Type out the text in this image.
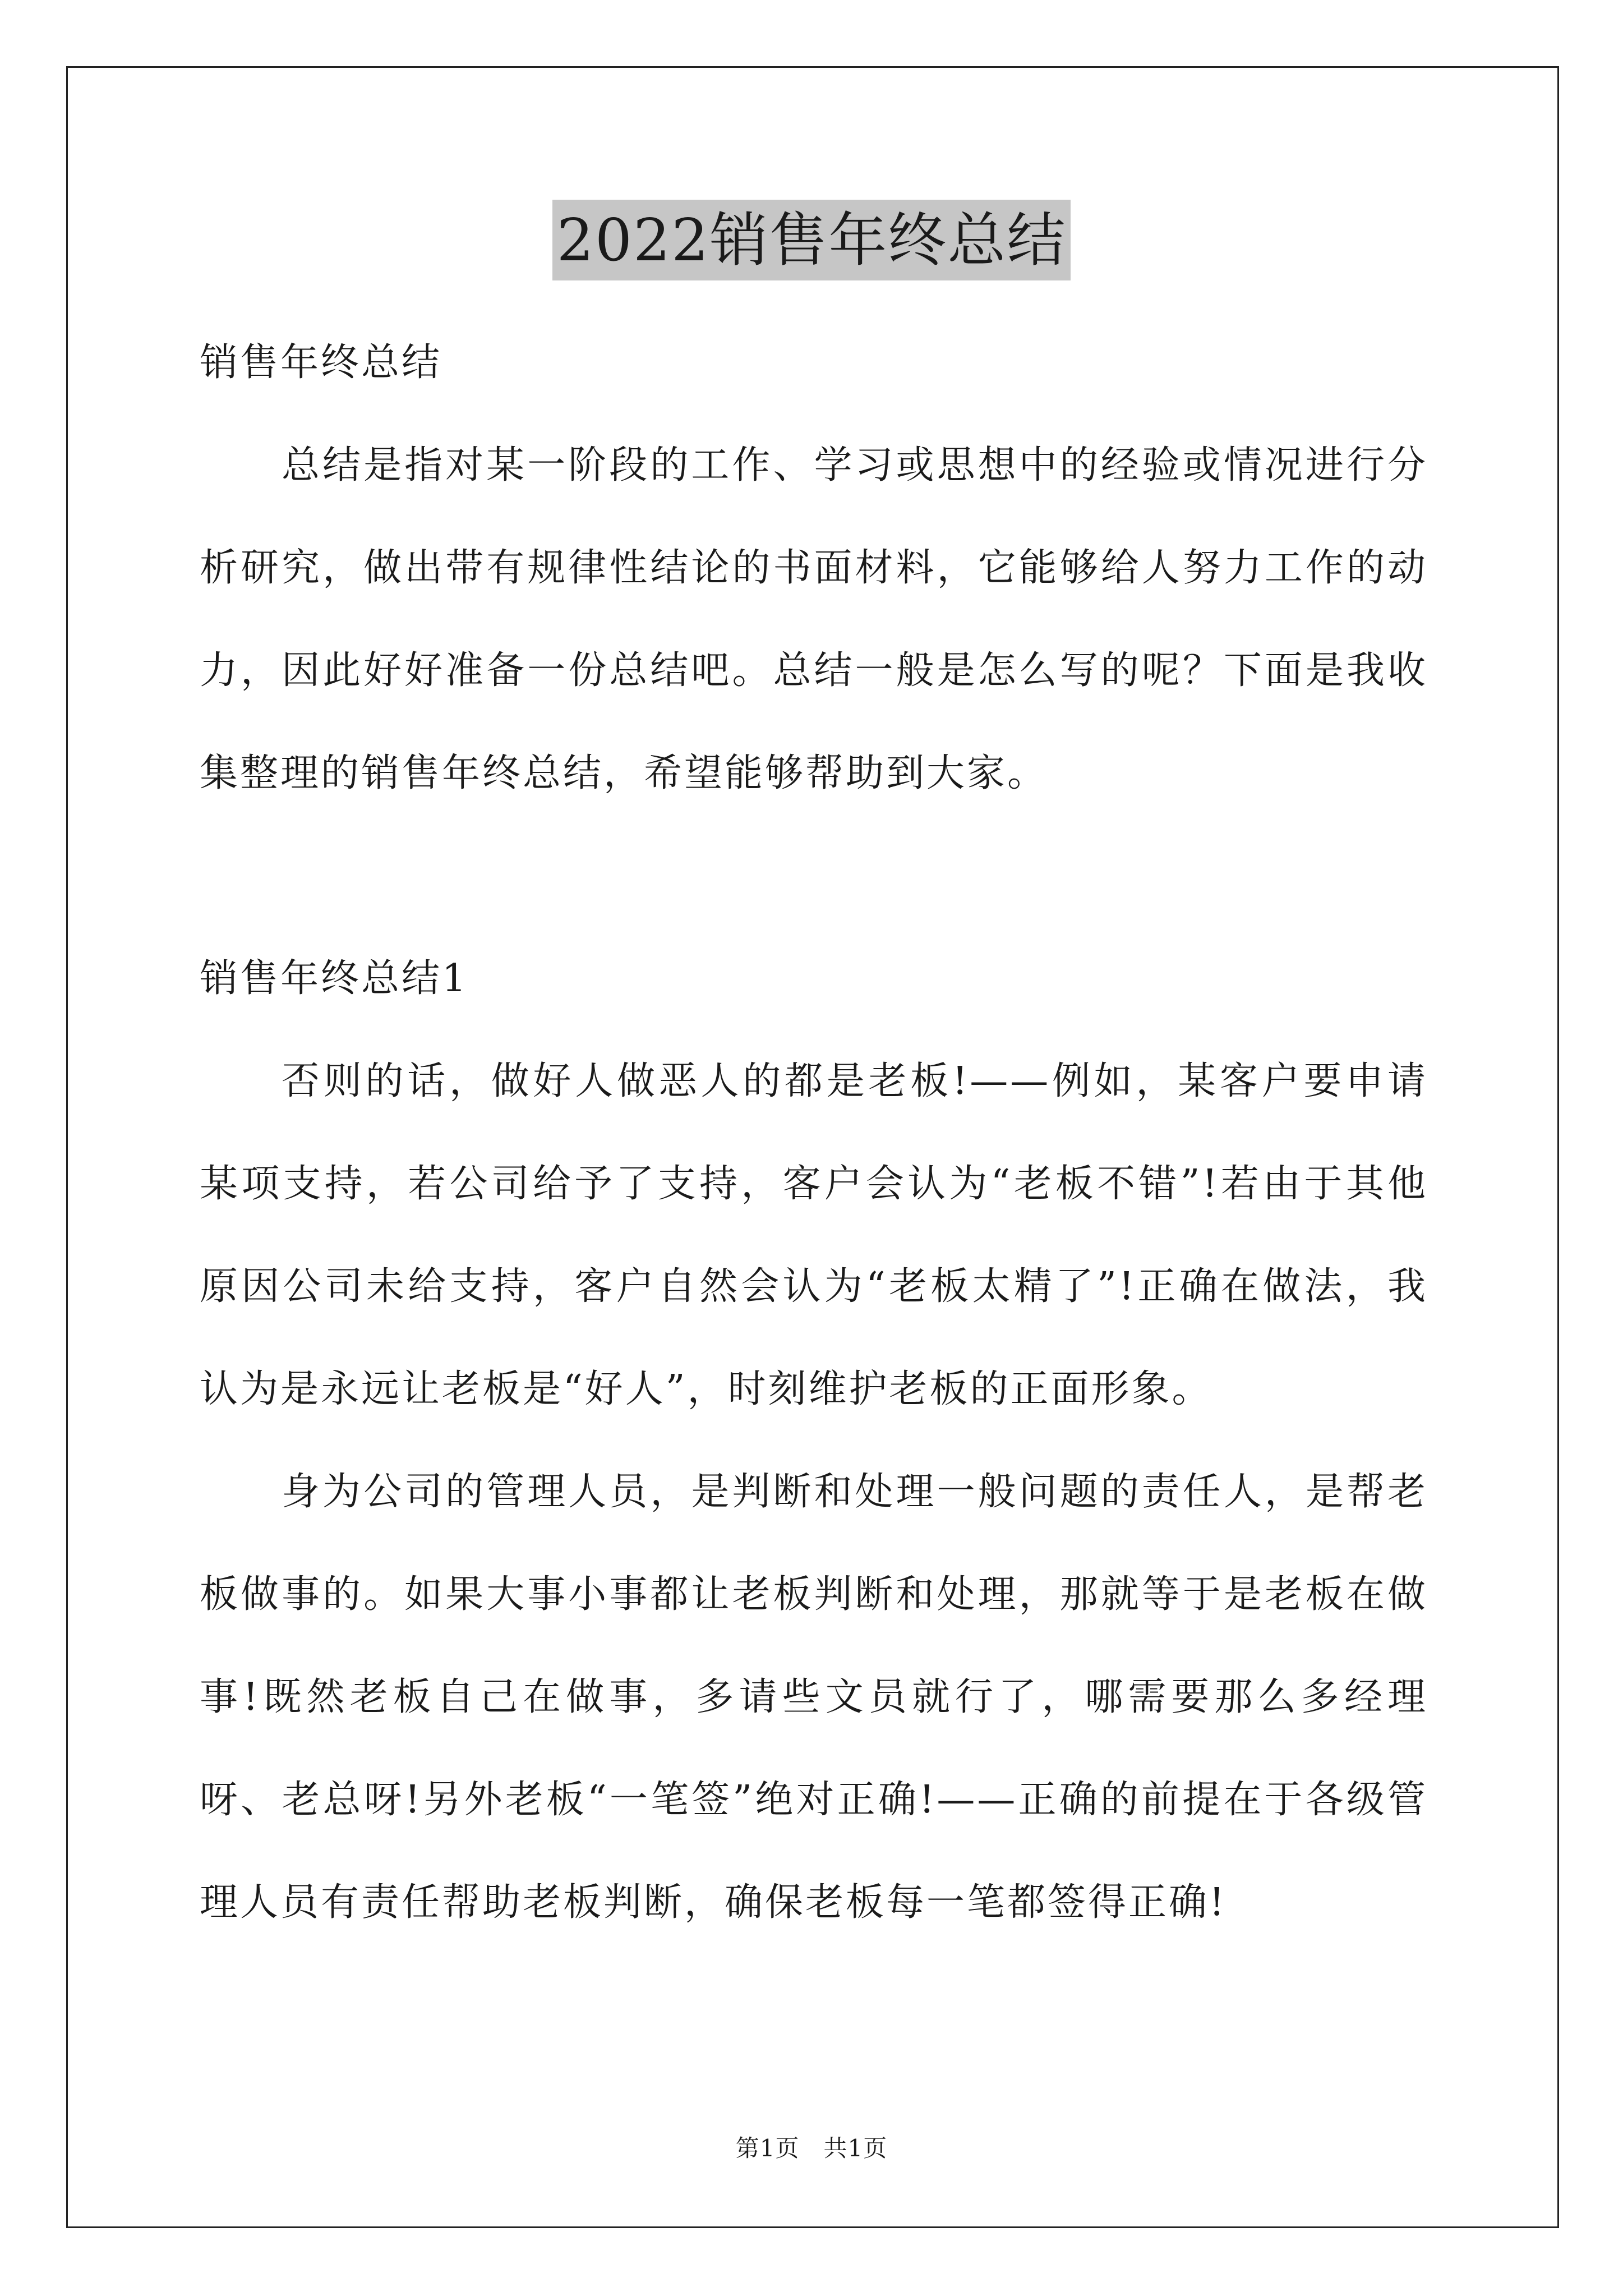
2022销售年终总结

销售年终总结

总结是指对某一阶段的工作、学习或思想中的经验或情况进行分析研究，做出带有规律性结论的书面材料，它能够给人努力工作的动力，因此好好准备一份总结吧。总结一般是怎么写的呢？下面是我收集整理的销售年终总结，希望能够帮助到大家。

销售年终总结1

否则的话，做好人做恶人的都是老板!——例如，某客户要申请某项支持，若公司给予了支持，客户会认为“老板不错”!若由于其他原因公司未给支持，客户自然会认为“老板太精了”!正确在做法，我认为是永远让老板是“好人”，时刻维护老板的正面形象。

身为公司的管理人员，是判断和处理一般问题的责任人，是帮老板做事的。如果大事小事都让老板判断和处理，那就等于是老板在做事!既然老板自己在做事，多请些文员就行了，哪需要那么多经理呀、老总呀!另外老板“一笔签”绝对正确!——正确的前提在于各级管理人员有责任帮助老板判断，确保老板每一笔都签得正确!

第1页   共1页
